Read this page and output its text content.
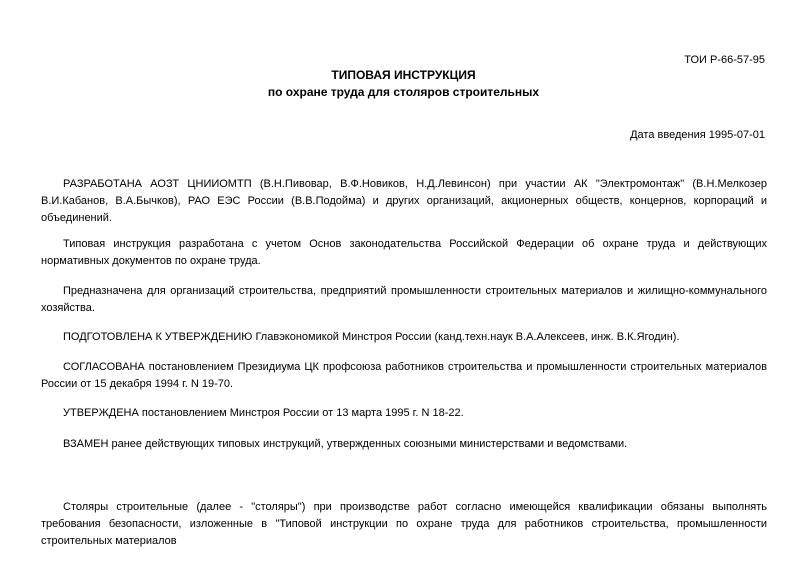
ТОИ Р-66-57-95
ТИПОВАЯ ИНСТРУКЦИЯ
по охране труда для столяров строительных
Дата введения 1995-07-01

РАЗРАБОТАНА АОЗТ ЦНИИОМТП (В.Н.Пивовар, В.Ф.Новиков, Н.Д.Левинсон) при участии АК "Электромонтаж" (В.Н.Мелкозер В.И.Кабанов, В.А.Бычков), РАО ЕЭС России (В.В.Подойма) и других организаций, акционерных обществ, концернов, корпораций и объединений.

Типовая инструкция разработана с учетом Основ законодательства Российской Федерации об охране труда и действующих нормативных документов по охране труда.

Предназначена для организаций строительства, предприятий промышленности строительных материалов и жилищно-коммунального хозяйства.

ПОДГОТОВЛЕНА К УТВЕРЖДЕНИЮ Главэкономикой Минстроя России (канд.техн.наук В.А.Алексеев, инж. В.К.Ягодин).

СОГЛАСОВАНА постановлением Президиума ЦК профсоюза работников строительства и промышленности строительных материалов России от 15 декабря 1994 г. N 19-70.

УТВЕРЖДЕНА постановлением Минстроя России от 13 марта 1995 г. N 18-22.

ВЗАМЕН ранее действующих типовых инструкций, утвержденных союзными министерствами и ведомствами.

Столяры строительные (далее - "столяры") при производстве работ согласно имеющейся квалификации обязаны выполнять требования безопасности, изложенные в "Типовой инструкции по охране труда для работников строительства, промышленности строительных материалов
